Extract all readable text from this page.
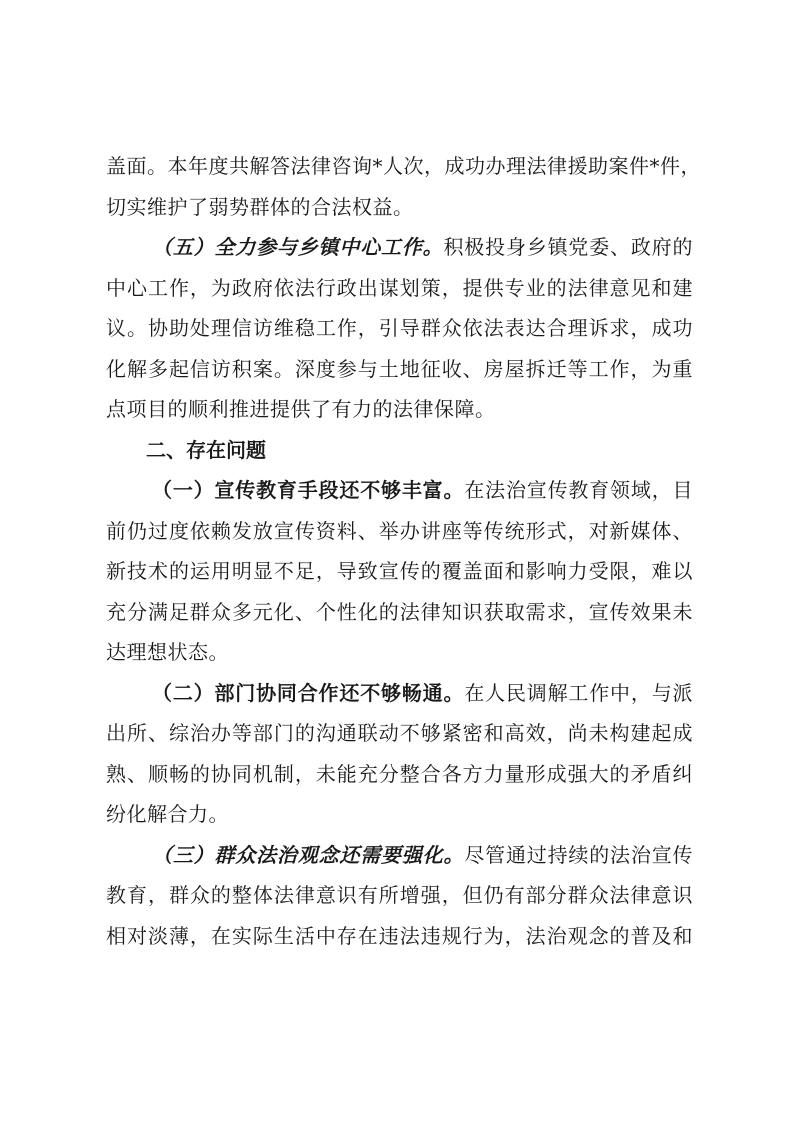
盖面。本年度共解答法律咨询*人次，成功办理法律援助案件*件，
切实维护了弱势群体的合法权益。
（五）全力参与乡镇中心工作。积极投身乡镇党委、政府的
中心工作，为政府依法行政出谋划策，提供专业的法律意见和建
议。协助处理信访维稳工作，引导群众依法表达合理诉求，成功
化解多起信访积案。深度参与土地征收、房屋拆迁等工作，为重
点项目的顺利推进提供了有力的法律保障。
二、存在问题
（一）宣传教育手段还不够丰富。在法治宣传教育领域，目
前仍过度依赖发放宣传资料、举办讲座等传统形式，对新媒体、
新技术的运用明显不足，导致宣传的覆盖面和影响力受限，难以
充分满足群众多元化、个性化的法律知识获取需求，宣传效果未
达理想状态。
（二）部门协同合作还不够畅通。在人民调解工作中，与派
出所、综治办等部门的沟通联动不够紧密和高效，尚未构建起成
熟、顺畅的协同机制，未能充分整合各方力量形成强大的矛盾纠
纷化解合力。
（三）群众法治观念还需要强化。尽管通过持续的法治宣传
教育，群众的整体法律意识有所增强，但仍有部分群众法律意识
相对淡薄，在实际生活中存在违法违规行为，法治观念的普及和
